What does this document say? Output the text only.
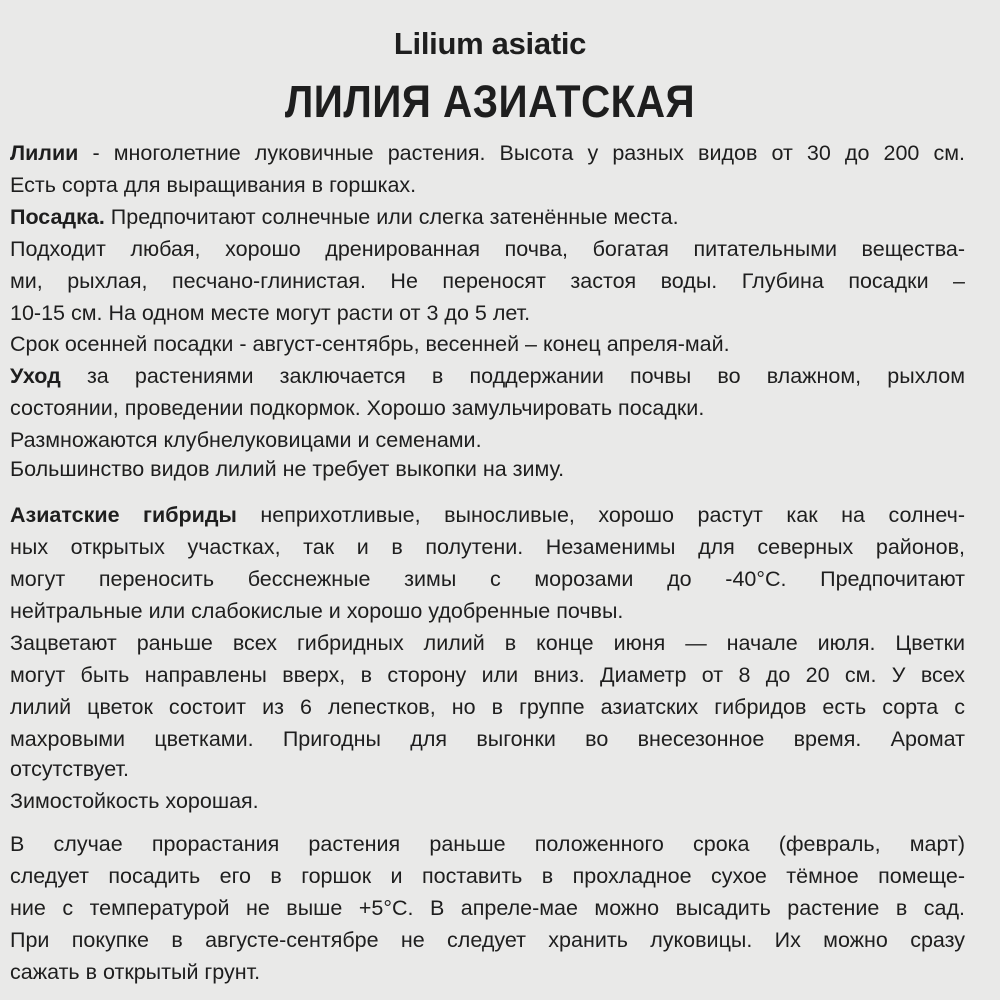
Lilium asiatic
ЛИЛИЯ АЗИАТСКАЯ
Лилии - многолетние луковичные растения. Высота у разных видов от 30 до 200 см.
Есть сорта для выращивания в горшках.
Посадка. Предпочитают солнечные или слегка затенённые места.
Подходит любая, хорошо дренированная почва, богатая питательными вещества-
ми, рыхлая, песчано-глинистая. Не переносят застоя воды. Глубина посадки –
10-15 см. На одном месте могут расти от 3 до 5 лет.
Срок осенней посадки - август-сентябрь, весенней – конец апреля-май.
Уход за растениями заключается в поддержании почвы во влажном, рыхлом
состоянии, проведении подкормок. Хорошо замульчировать посадки.
Размножаются клубнелуковицами и семенами.
Большинство видов лилий не требует выкопки на зиму.
Азиатские гибриды неприхотливые, выносливые, хорошо растут как на солнеч-
ных открытых участках, так и в полутени. Незаменимы для северных районов,
могут переносить бесснежные зимы с морозами до -40°С. Предпочитают
нейтральные или слабокислые и хорошо удобренные почвы.
Зацветают раньше всех гибридных лилий в конце июня — начале июля. Цветки
могут быть направлены вверх, в сторону или вниз. Диаметр от 8 до 20 см. У всех
лилий цветок состоит из 6 лепестков, но в группе азиатских гибридов есть сорта с
махровыми цветками. Пригодны для выгонки во внесезонное время. Аромат
отсутствует.
Зимостойкость хорошая.
В случае прорастания растения раньше положенного срока (февраль, март)
следует посадить его в горшок и поставить в прохладное сухое тёмное помеще-
ние с температурой не выше +5°С. В апреле-мае можно высадить растение в сад.
При покупке в августе-сентябре не следует хранить луковицы. Их можно сразу
сажать в открытый грунт.
